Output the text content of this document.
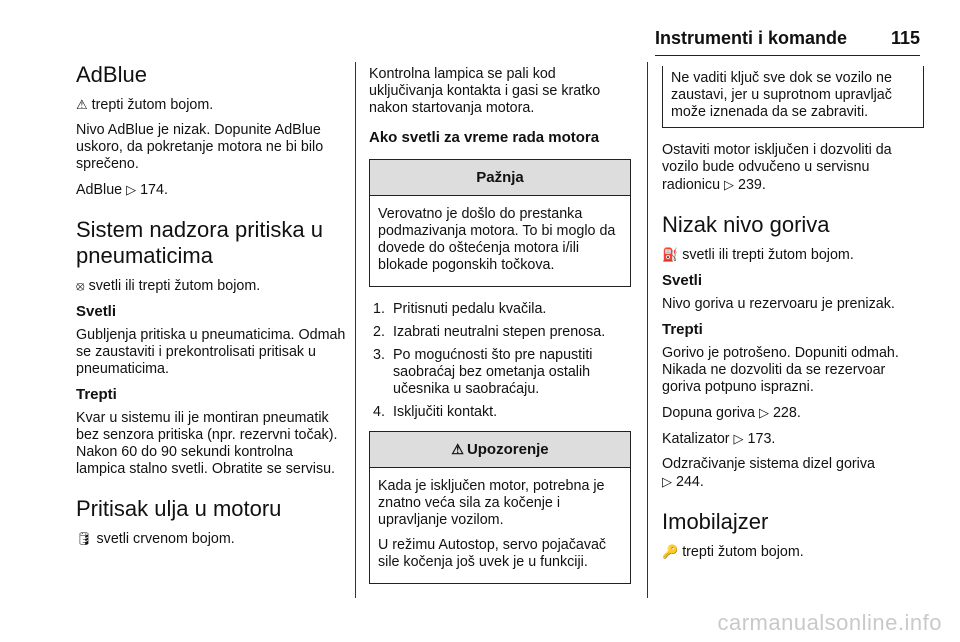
Instrumenti i komande 115
AdBlue

⚠ trepti žutom bojom.

Nivo AdBlue je nizak. Dopunite AdBlue uskoro, da pokretanje motora ne bi bilo sprečeno.

AdBlue ▷ 174.

Sistem nadzora pritiska u pneumaticima

⦻ svetli ili trepti žutom bojom.

Svetli

Gubljenja pritiska u pneumaticima. Odmah se zaustaviti i prekontrolisati pritisak u pneumaticima.

Trepti

Kvar u sistemu ili je montiran pneumatik bez senzora pritiska (npr. rezervni točak). Nakon 60 do 90 sekundi kontrolna lampica stalno svetli. Obratite se servisu.

Pritisak ulja u motoru

🛢 svetli crvenom bojom.

Kontrolna lampica se pali kod uključivanja kontakta i gasi se kratko nakon startovanja motora.

Ako svetli za vreme rada motora
Pažnja

Verovatno je došlo do prestanka podmazivanja motora. To bi moglo da dovede do oštećenja motora i/ili blokade pogonskih točkova.

1. Pritisnuti pedalu kvačila.
2. Izabrati neutralni stepen prenosa.
3. Po mogućnosti što pre napustiti saobraćaj bez ometanja ostalih učesnika u saobraćaju.
4. Isključiti kontakt.
⚠ Upozorenje

Kada je isključen motor, potrebna je znatno veća sila za kočenje i upravljanje vozilom.

U režimu Autostop, servo pojačavač sile kočenja još uvek je u funkciji.

Ne vaditi ključ sve dok se vozilo ne zaustavi, jer u suprotnom upravljač može iznenada da se zabraviti.

Ostaviti motor isključen i dozvoliti da vozilo bude odvučeno u servisnu radionicu ▷ 239.

Nizak nivo goriva

⛽ svetli ili trepti žutom bojom.

Svetli

Nivo goriva u rezervoaru je prenizak.

Trepti

Gorivo je potrošeno. Dopuniti odmah. Nikada ne dozvoliti da se rezervoar goriva potpuno isprazni.

Dopuna goriva ▷ 228.

Katalizator ▷ 173.

Odzračivanje sistema dizel goriva
▷ 244.

Imobilajzer

🔑 trepti žutom bojom.

carmanualsonline.info
